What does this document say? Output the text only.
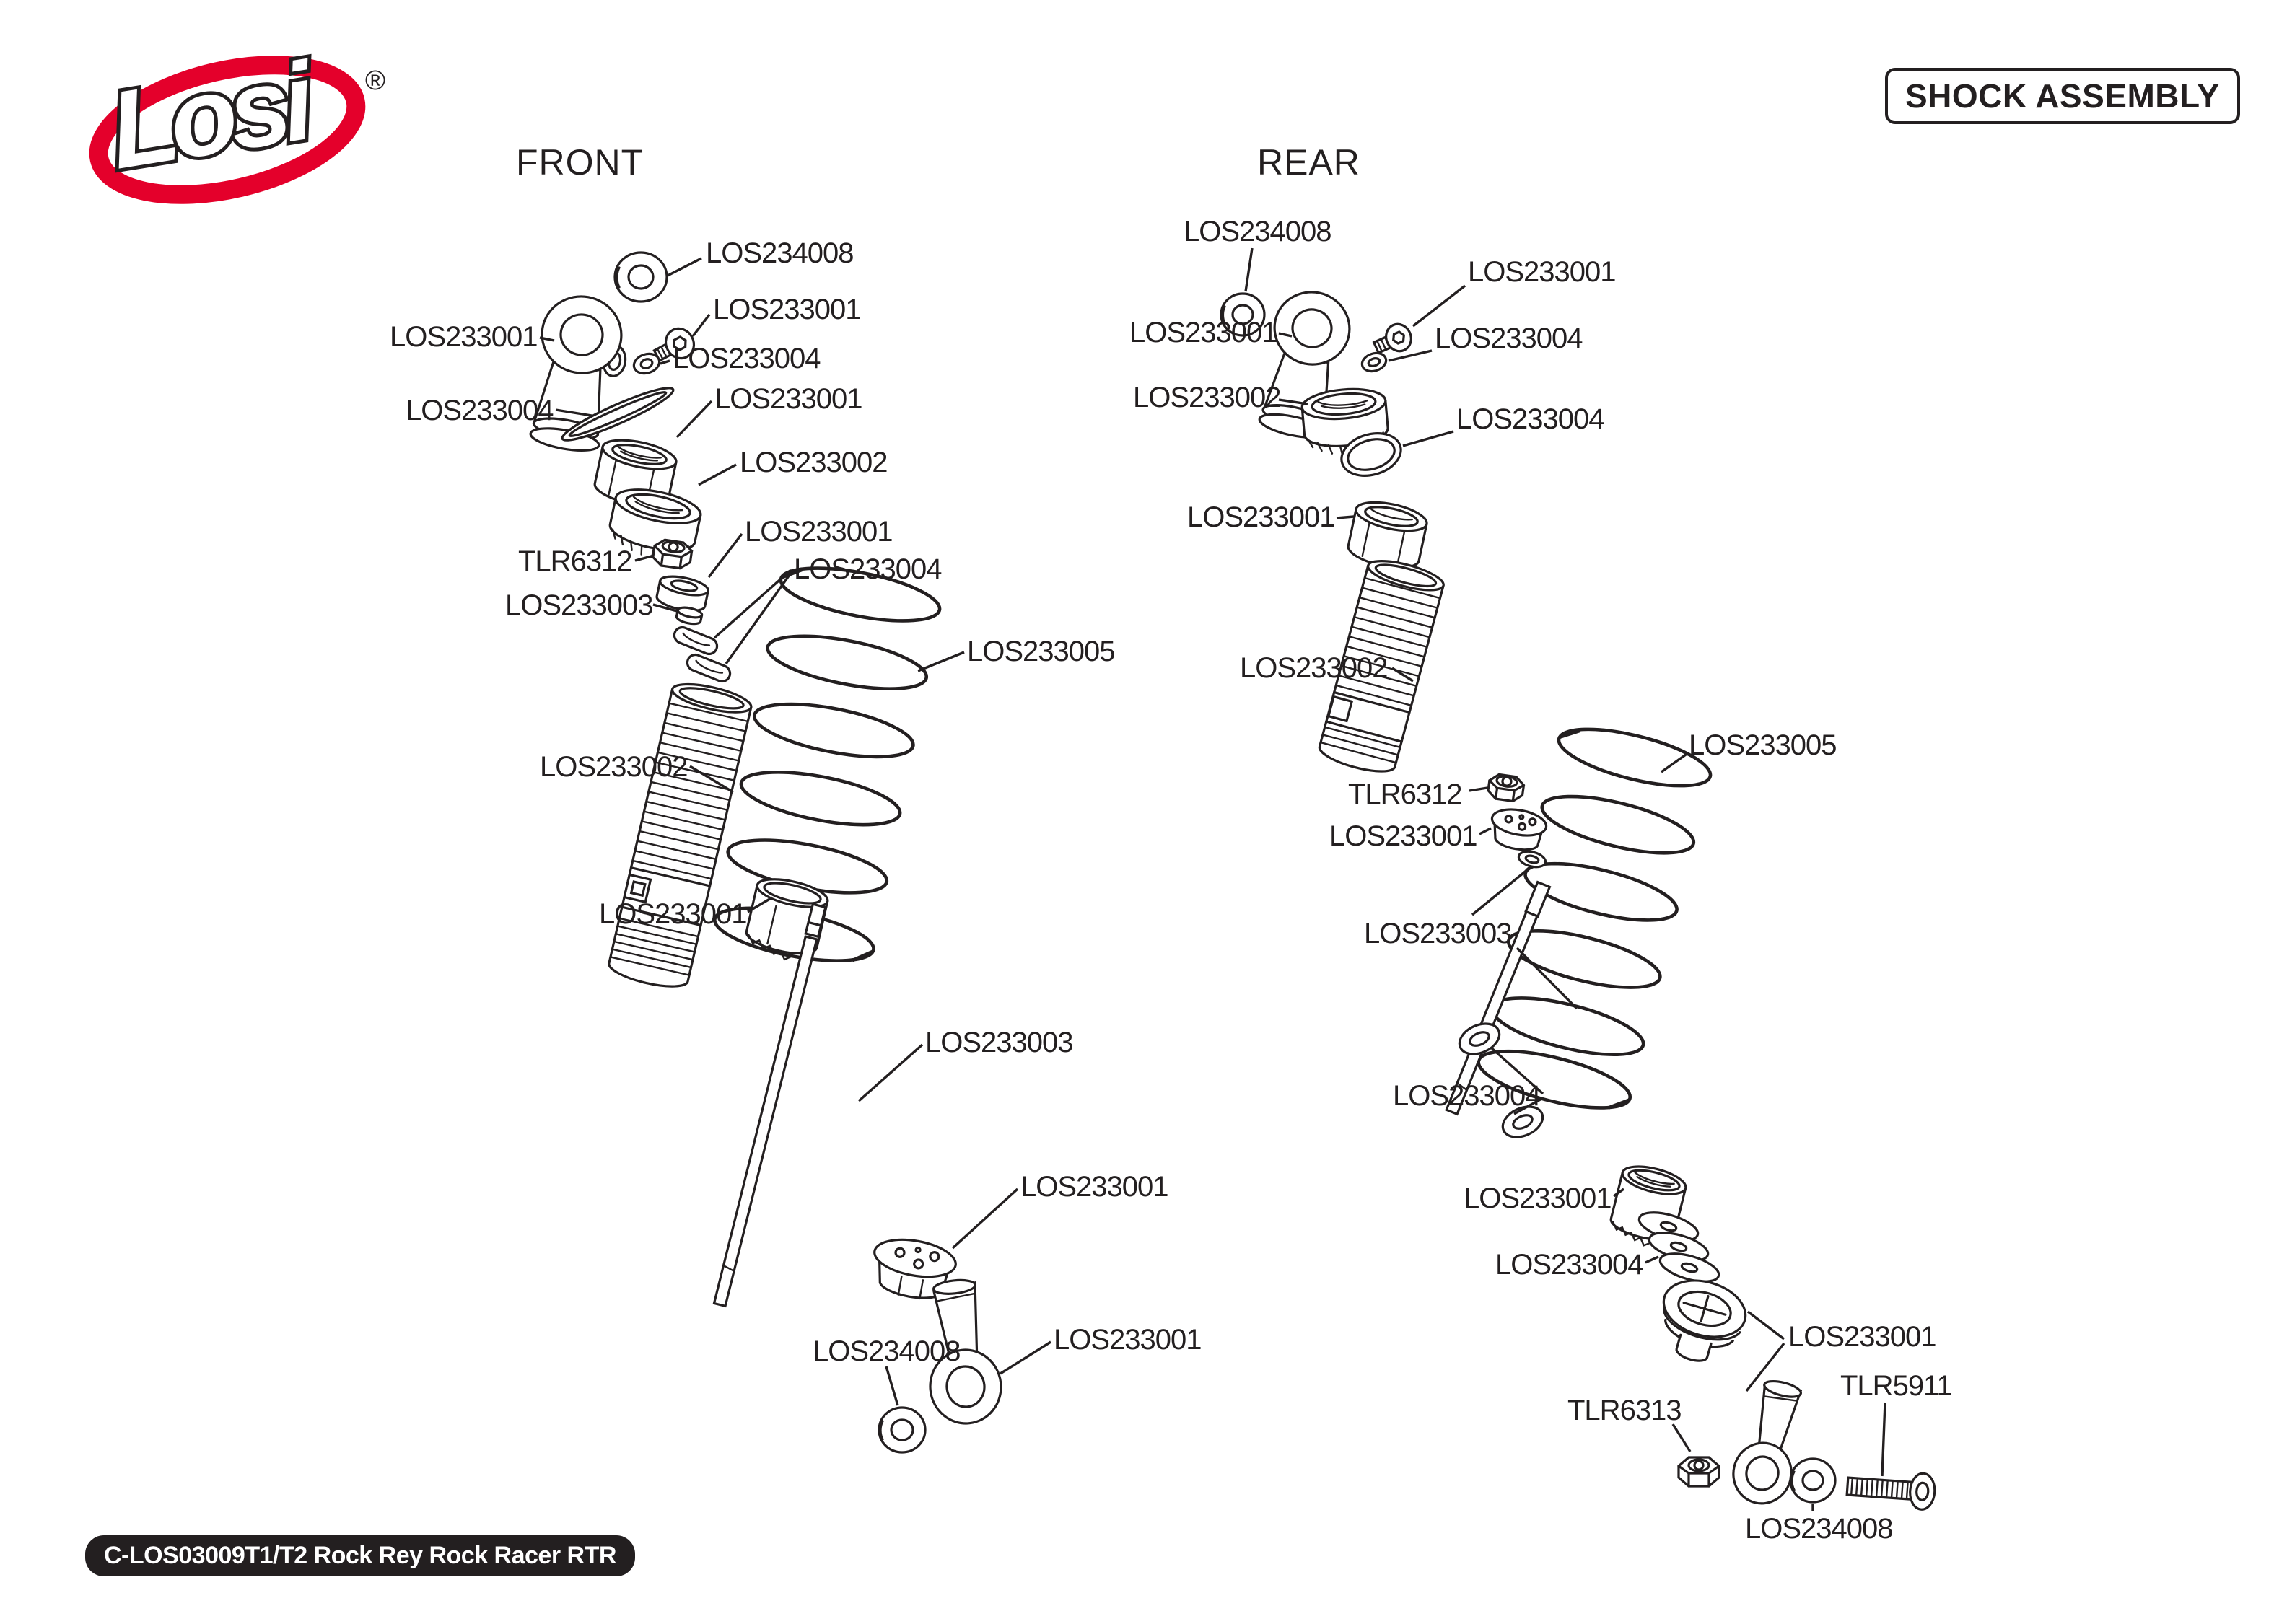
Losi	®	SHOCK ASSEMBLY
FRONT	REAR
LOS234008
LOS233001
LOS233001
LOS233004
LOS233004	LOS233001
LOS233002
LOS233001
TLR6312	LOS233004
LOS233003
LOS233005
LOS233002
LOS233001
LOS233003
LOS233001
LOS234008	LOS233001
LOS234008
LOS233001
LOS233001	LOS233004
LOS233002
LOS233004
LOS233001
LOS233002
LOS233005
TLR6312
LOS233001
LOS233003
LOS233004
LOS233001
LOS233004
LOS233001
TLR5911
TLR6313
LOS234008
C-LOS03009T1/T2 Rock Rey Rock Racer RTR
